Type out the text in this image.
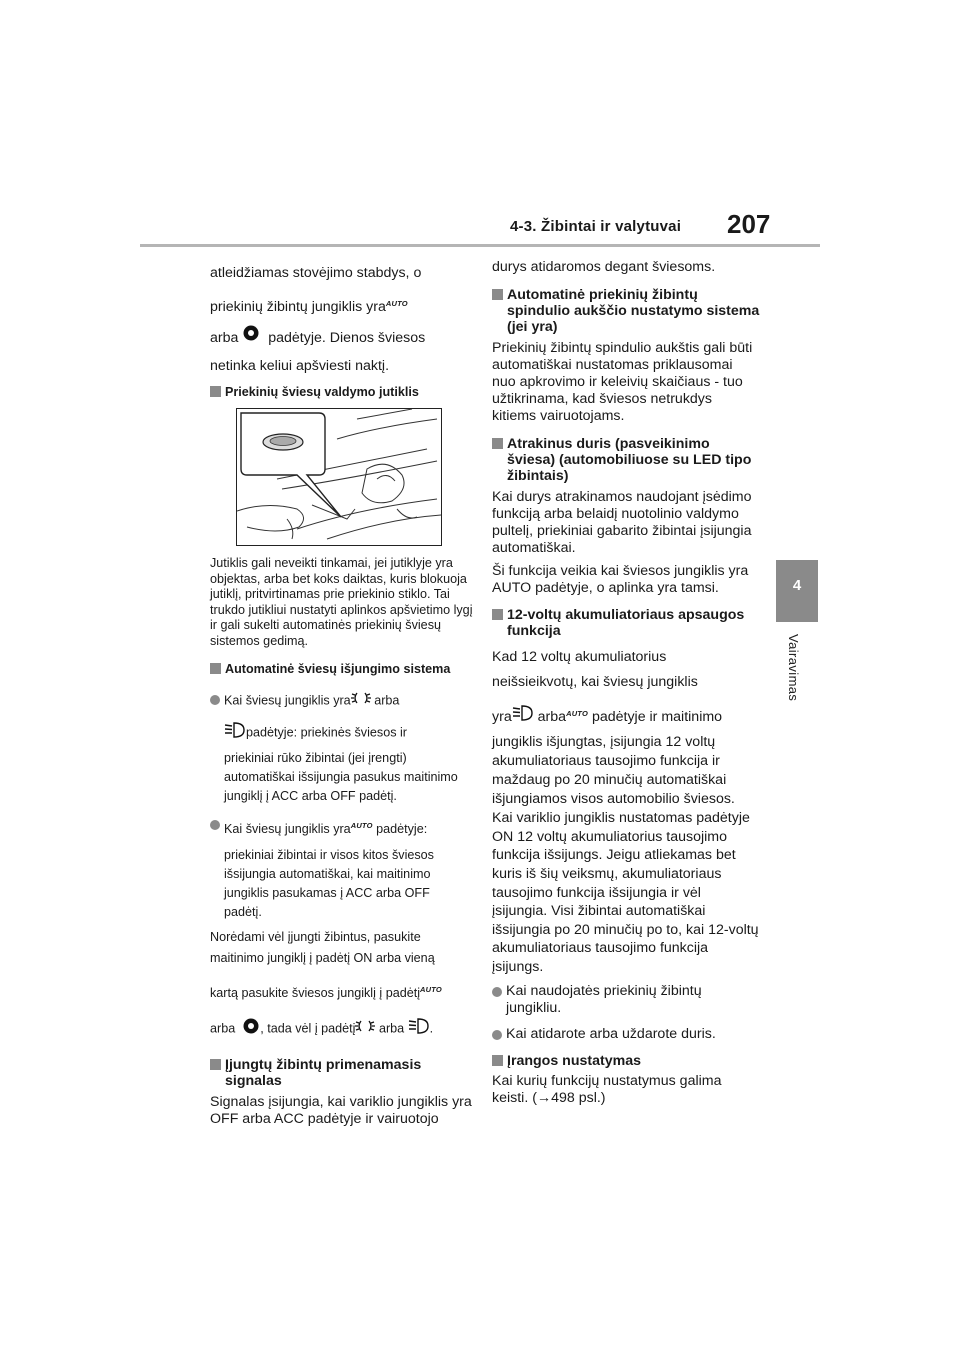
4-3. Žibintai ir valytuvai 207
4
Vairavimas

atleidžiamas stovėjimo stabdys, o

priekinių žibintų jungiklis yra$^{AUTO}$

arba padėtyje. Dienos šviesos

netinka keliui apšviesti naktį.

Priekinių šviesų valdymo jutiklis

Jutiklis gali neveikti tinkamai, jei jutiklyje yra objektas, arba bet koks daiktas, kuris blokuoja jutiklį, pritvirtinamas prie priekinio stiklo. Tai trukdo jutikliui nustatyti aplinkos apšvietimo lygį ir gali sukelti automatinės priekinių šviesų sistemos gedimą.

Automatinė šviesų išjungimo sistema

Kai šviesų jungiklis yra arba

padėtyje: priekinės šviesos ir

priekiniai rūko žibintai (jei įrengti)

automatiškai išsijungia pasukus maitinimo

jungiklį į ACC arba OFF padėtį.

Kai šviesų jungiklis yra$^{AUTO}$ padėtyje:

priekiniai žibintai ir visos kitos šviesos

išsijungia automatiškai, kai maitinimo

jungiklis pasukamas į ACC arba OFF

padėtį.

Norėdami vėl įjungti žibintus, pasukite

maitinimo jungiklį į padėtį ON arba vieną

kartą pasukite šviesos jungiklį į padėtį$^{AUTO}$

arba , tada vėl į padėtį arba .

Įjungtų žibintų primenamasis signalas

Signalas įsijungia, kai variklio jungiklis yra OFF arba ACC padėtyje ir vairuotojo

durys atidaromos degant šviesoms.

Automatinė priekinių žibintų spindulio aukščio nustatymo sistema (jei yra)

Priekinių žibintų spindulio aukštis gali būti automatiškai nustatomas priklausomai nuo apkrovimo ir keleivių skaičiaus - tuo užtikrinama, kad šviesos netrukdys kitiems vairuotojams.

Atrakinus duris (pasveikinimo šviesa) (automobiliuose su LED tipo žibintais)

Kai durys atrakinamos naudojant įsėdimo funkciją arba belaidį nuotolinio valdymo pultelį, priekiniai gabarito žibintai įsijungia automatiškai.

Ši funkcija veikia kai šviesos jungiklis yra AUTO padėtyje, o aplinka yra tamsi.

12-voltų akumuliatoriaus apsaugos funkcija

Kad 12 voltų akumuliatorius

neišsieikvotų, kai šviesų jungiklis

yra arba$^{AUTO}$ padėtyje ir maitinimo

jungiklis išjungtas, įsijungia 12 voltų

akumuliatoriaus tausojimo funkcija ir

maždaug po 20 minučių automatiškai

išjungiamos visos automobilio šviesos.

Kai variklio jungiklis nustatomas padėtyje ON 12 voltų akumuliatorius tausojimo funkcija išsijungs. Jeigu atliekamas bet kuris iš šių veiksmų, akumuliatoriaus tausojimo funkcija išsijungia ir vėl įsijungia. Visi žibintai automatiškai išsijungia po 20 minučių po to, kai 12-voltų akumuliatoriaus tausojimo funkcija įsijungs.

Kai naudojatės priekinių žibintų jungikliu.
Kai atidarote arba uždarote duris.
Įrangos nustatymas

Kai kurių funkcijų nustatymus galima keisti. (→498 psl.)
